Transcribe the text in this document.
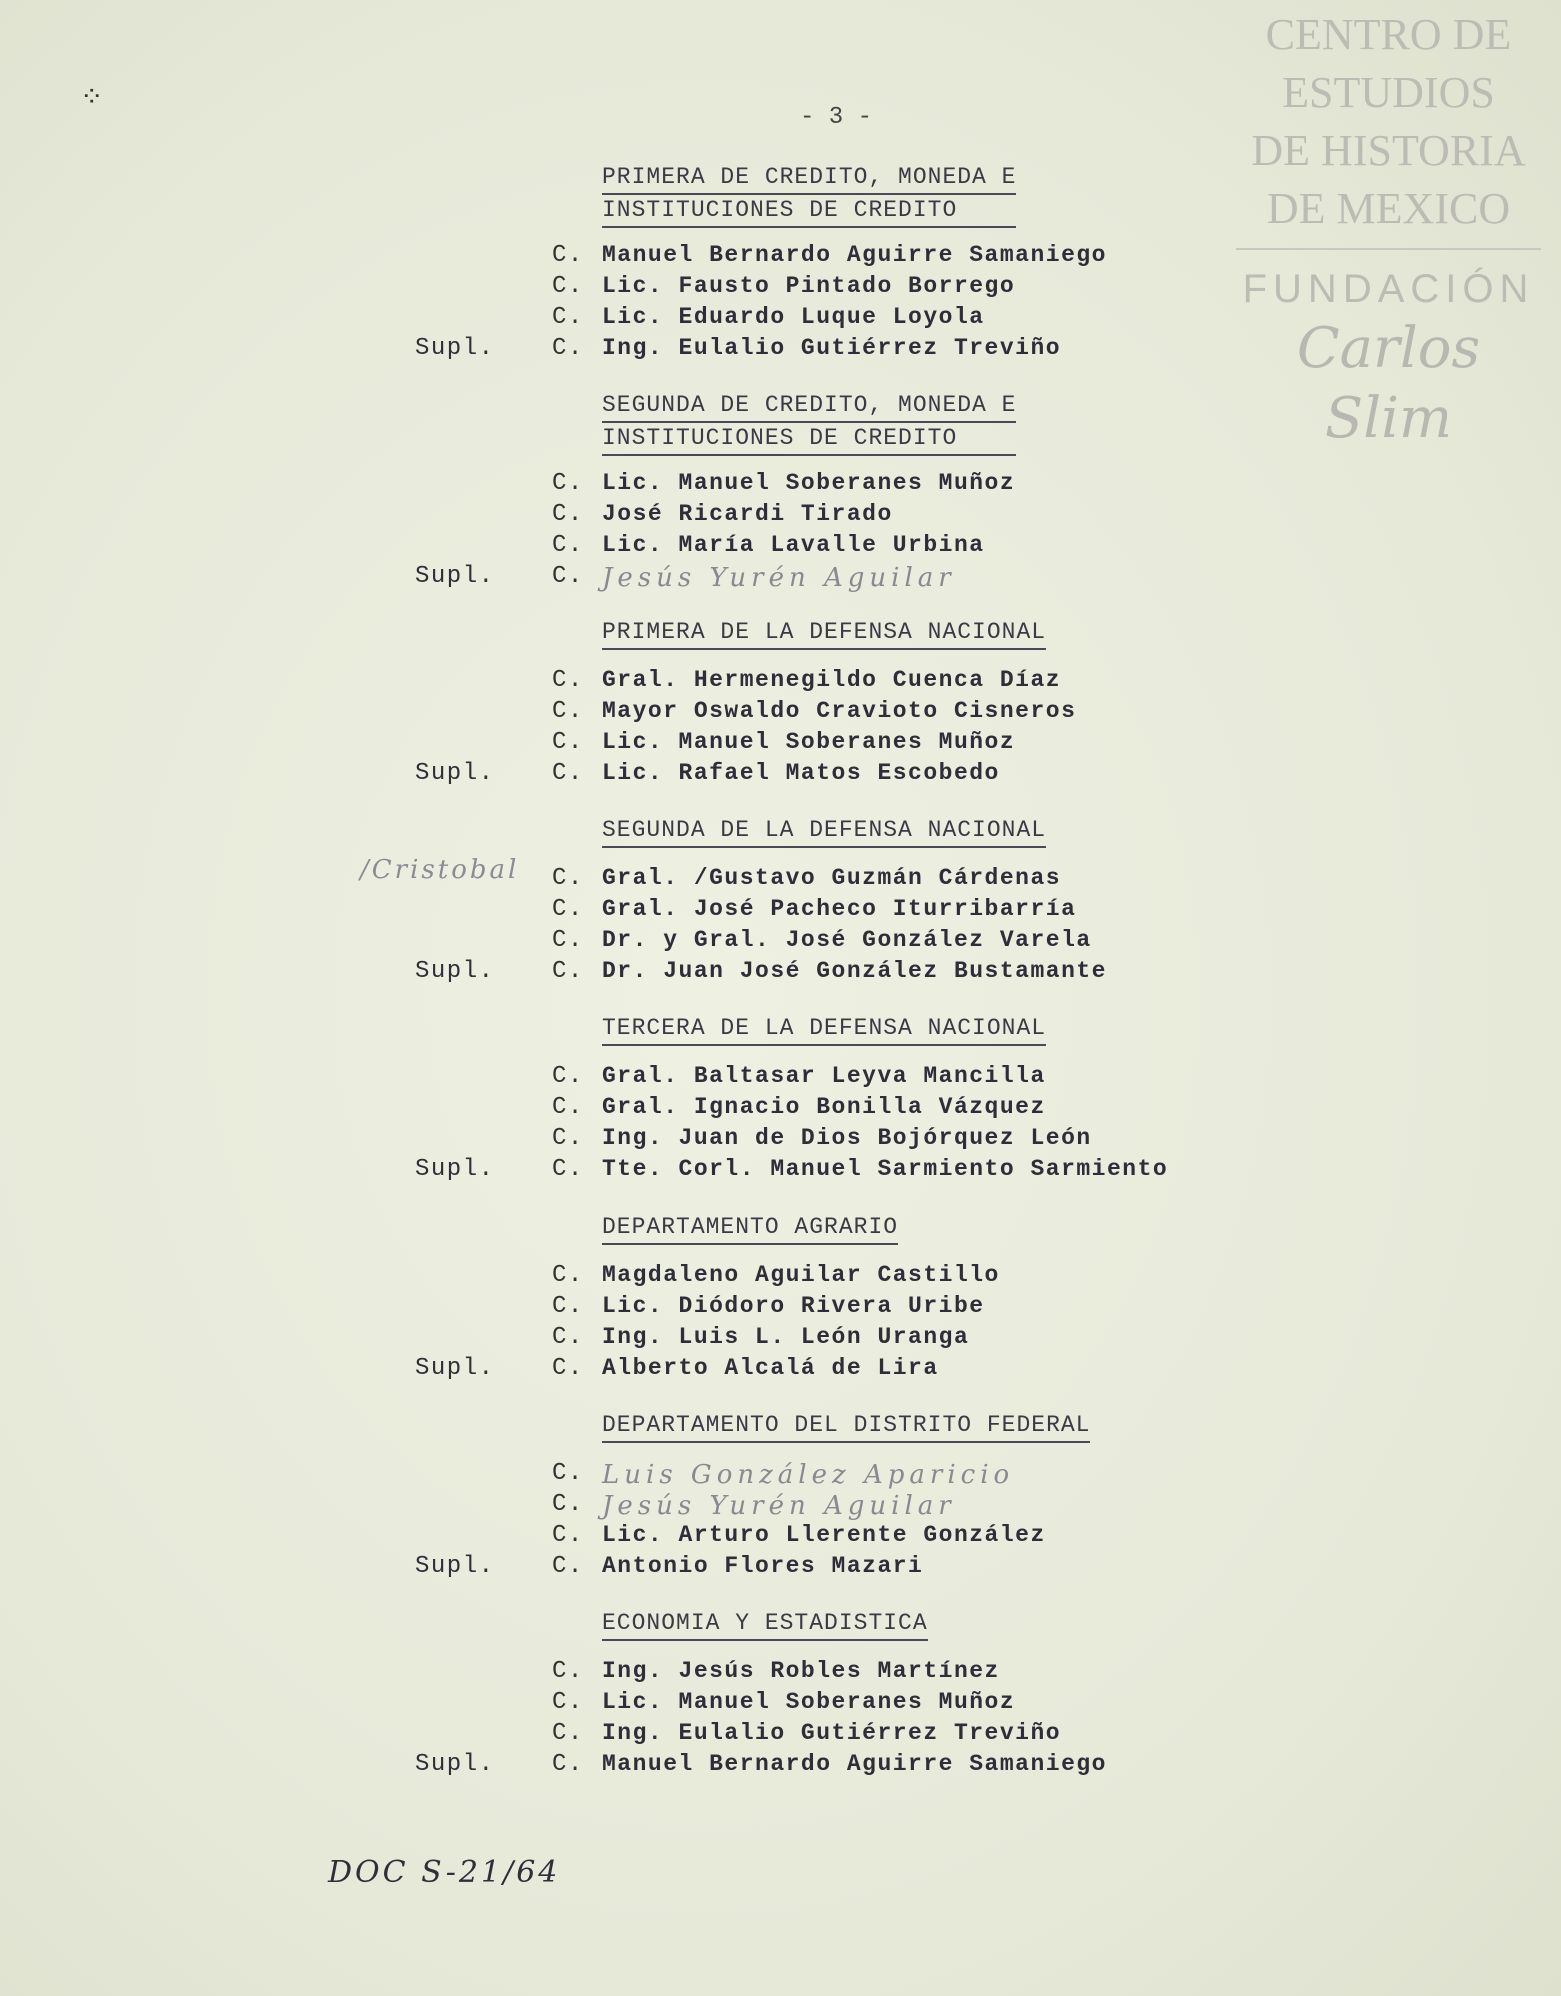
CENTRO DE
ESTUDIOS
DE HISTORIA
DE MEXICO
FUNDACIÓN
Carlos Slim
⁘
- 3 -
PRIMERA DE CREDITO, MONEDA E
INSTITUCIONES DE CREDITO
C. Manuel Bernardo Aguirre Samaniego
C. Lic. Fausto Pintado Borrego
C. Lic. Eduardo Luque Loyola
Supl. C. Ing. Eulalio Gutiérrez Treviño
SEGUNDA DE CREDITO, MONEDA E
INSTITUCIONES DE CREDITO
C. Lic. Manuel Soberanes Muñoz
C. José Ricardi Tirado
C. Lic. María Lavalle Urbina
Supl. C. Jesús Yurén Aguilar
PRIMERA DE LA DEFENSA NACIONAL
C. Gral. Hermenegildo Cuenca Díaz
C. Mayor Oswaldo Cravioto Cisneros
C. Lic. Manuel Soberanes Muñoz
Supl. C. Lic. Rafael Matos Escobedo
SEGUNDA DE LA DEFENSA NACIONAL
/Cristobal C. Gral. /Gustavo Guzmán Cárdenas
C. Gral. José Pacheco Iturribarría
C. Dr. y Gral. José González Varela
Supl. C. Dr. Juan José González Bustamante
TERCERA DE LA DEFENSA NACIONAL
C. Gral. Baltasar Leyva Mancilla
C. Gral. Ignacio Bonilla Vázquez
C. Ing. Juan de Dios Bojórquez León
Supl. C. Tte. Corl. Manuel Sarmiento Sarmiento
DEPARTAMENTO AGRARIO
C. Magdaleno Aguilar Castillo
C. Lic. Diódoro Rivera Uribe
C. Ing. Luis L. León Uranga
Supl. C. Alberto Alcalá de Lira
DEPARTAMENTO DEL DISTRITO FEDERAL
C. Luis González Aparicio
C. Jesús Yurén Aguilar
C. Lic. Arturo Llerente González
Supl. C. Antonio Flores Mazari
ECONOMIA Y ESTADISTICA
C. Ing. Jesús Robles Martínez
C. Lic. Manuel Soberanes Muñoz
C. Ing. Eulalio Gutiérrez Treviño
Supl. C. Manuel Bernardo Aguirre Samaniego
DOC S-21/64
